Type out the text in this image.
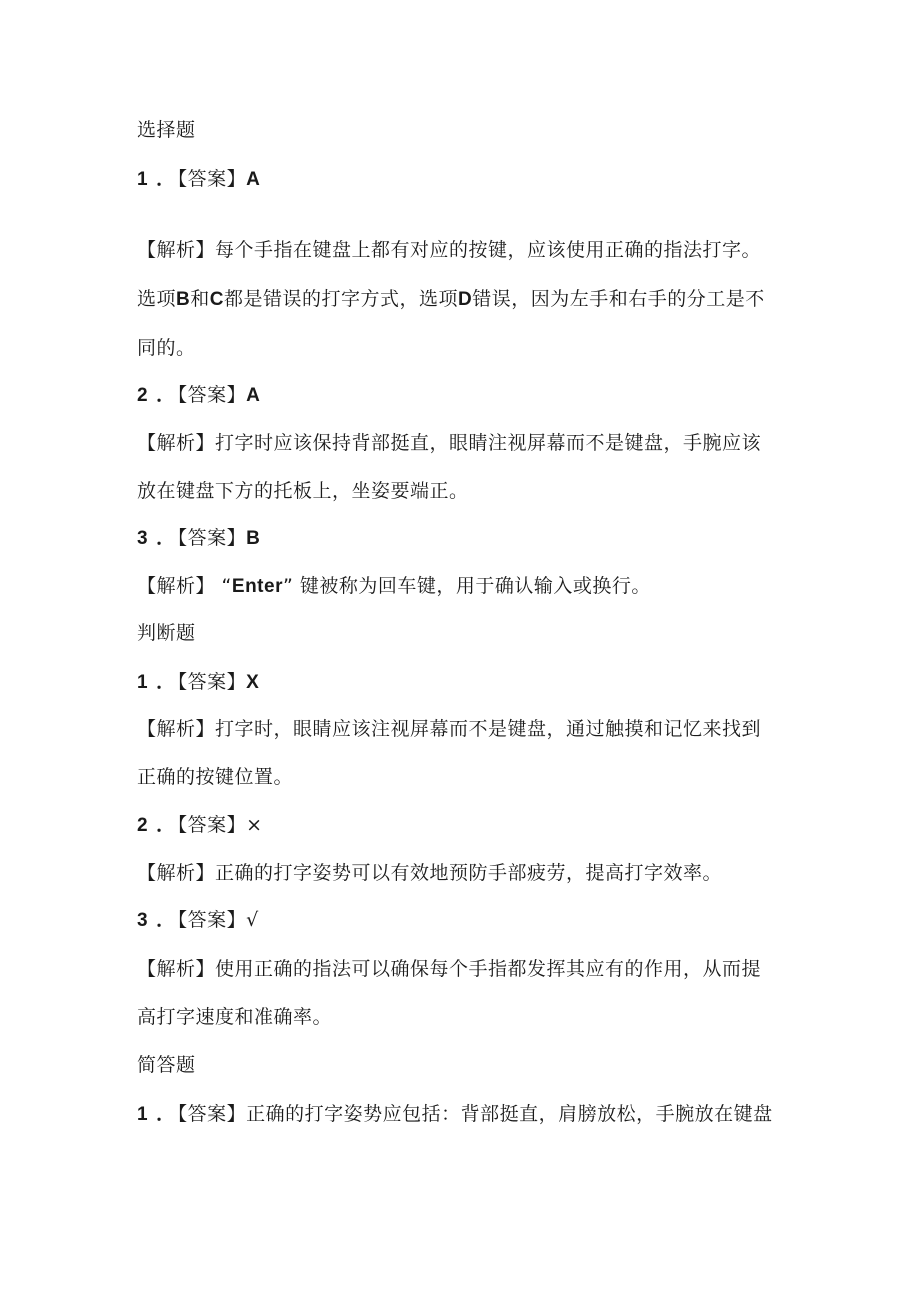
选择题
1 ． 【答案】A
【解析】每个手指在键盘上都有对应的按键，应该使用正确的指法打字。
选项B和C都是错误的打字方式，选项D错误，因为左手和右手的分工是不
同的。
2 ． 【答案】A
【解析】打字时应该保持背部挺直，眼睛注视屏幕而不是键盘，手腕应该
放在键盘下方的托板上，坐姿要端正。
3 ． 【答案】B
【解析】 “Enter” 键被称为回车键，用于确认输入或换行。
判断题
1 ． 【答案】X
【解析】打字时，眼睛应该注视屏幕而不是键盘，通过触摸和记忆来找到
正确的按键位置。
2 ． 【答案】×
【解析】正确的打字姿势可以有效地预防手部疲劳，提高打字效率。
3 ． 【答案】√
【解析】使用正确的指法可以确保每个手指都发挥其应有的作用，从而提
高打字速度和准确率。
简答题
1 ． 【答案】正确的打字姿势应包括：背部挺直，肩膀放松，手腕放在键盘
